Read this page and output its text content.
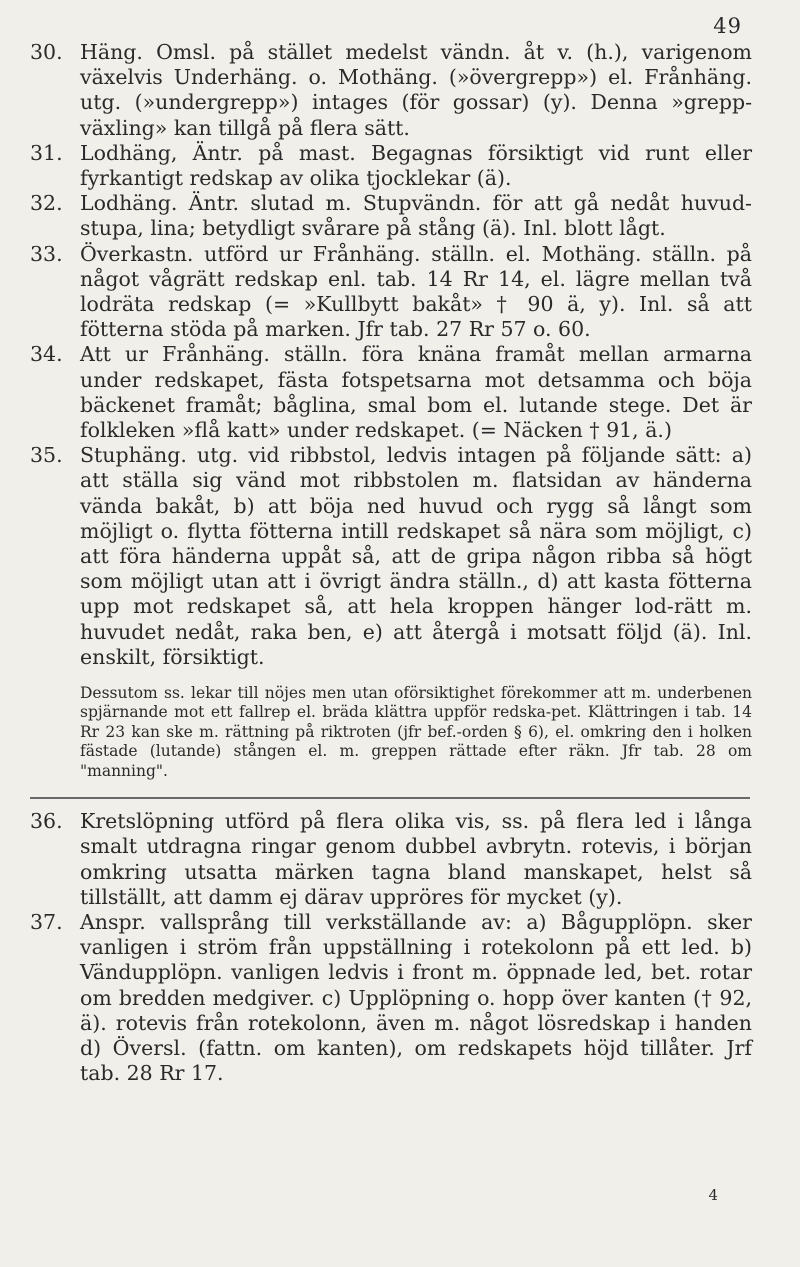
49
30. Häng. Omsl. på stället medelst vändn. åt v. (h.), varigenom växelvis Underhäng. o. Mothäng. (»övergrepp») el. Frånhäng. utg. (»undergrepp») intages (för gossar) (y). Denna »grepp-växling» kan tillgå på flera sätt.
31. Lodhäng, Äntr. på mast. Begagnas försiktigt vid runt eller fyrkantigt redskap av olika tjocklekar (ä).
32. Lodhäng. Äntr. slutad m. Stupvändn. för att gå nedåt huvud-stupa, lina; betydligt svårare på stång (ä). Inl. blott lågt.
33. Överkastn. utförd ur Frånhäng. ställn. el. Mothäng. ställn. på något vågrätt redskap enl. tab. 14 Rr 14, el. lägre mellan två lodräta redskap (= »Kullbytt bakåt» † 90 ä, y). Inl. så att fötterna stöda på marken. Jfr tab. 27 Rr 57 o. 60.
34. Att ur Frånhäng. ställn. föra knäna framåt mellan armarna under redskapet, fästa fotspetsarna mot detsamma och böja bäckenet framåt; båglina, smal bom el. lutande stege. Det är folkleken »flå katt» under redskapet. (= Näcken † 91, ä.)
35. Stuphäng. utg. vid ribbstol, ledvis intagen på följande sätt: a) att ställa sig vänd mot ribbstolen m. flatsidan av händerna vända bakåt, b) att böja ned huvud och rygg så långt som möjligt o. flytta fötterna intill redskapet så nära som möjligt, c) att föra händerna uppåt så, att de gripa någon ribba så högt som möjligt utan att i övrigt ändra ställn., d) att kasta fötterna upp mot redskapet så, att hela kroppen hänger lod-rätt m. huvudet nedåt, raka ben, e) att återgå i motsatt följd (ä). Inl. enskilt, försiktigt.
Dessutom ss. lekar till nöjes men utan oförsiktighet förekommer att m. underbenen spjärnande mot ett fallrep el. bräda klättra uppför redska-pet. Klättringen i tab. 14 Rr 23 kan ske m. rättning på riktroten (jfr bef.-orden § 6), el. omkring den i holken fästade (lutande) stången el. m. greppen rättade efter räkn. Jfr tab. 28 om "manning".
36. Kretslöpning utförd på flera olika vis, ss. på flera led i långa smalt utdragna ringar genom dubbel avbrytn. rotevis, i början omkring utsatta märken tagna bland manskapet, helst så tillställt, att damm ej därav uppröres för mycket (y).
37. Anspr. vallsprång till verkställande av: a) Bågupplöpn. sker vanligen i ström från uppställning i rotekolonn på ett led. b) Vändupplöpn. vanligen ledvis i front m. öppnade led, bet. rotar om bredden medgiver. c) Upplöpning o. hopp över kanten († 92, ä). rotevis från rotekolonn, även m. något lösredskap i handen d) Översl. (fattn. om kanten), om redskapets höjd tillåter. Jrf tab. 28 Rr 17.
4
